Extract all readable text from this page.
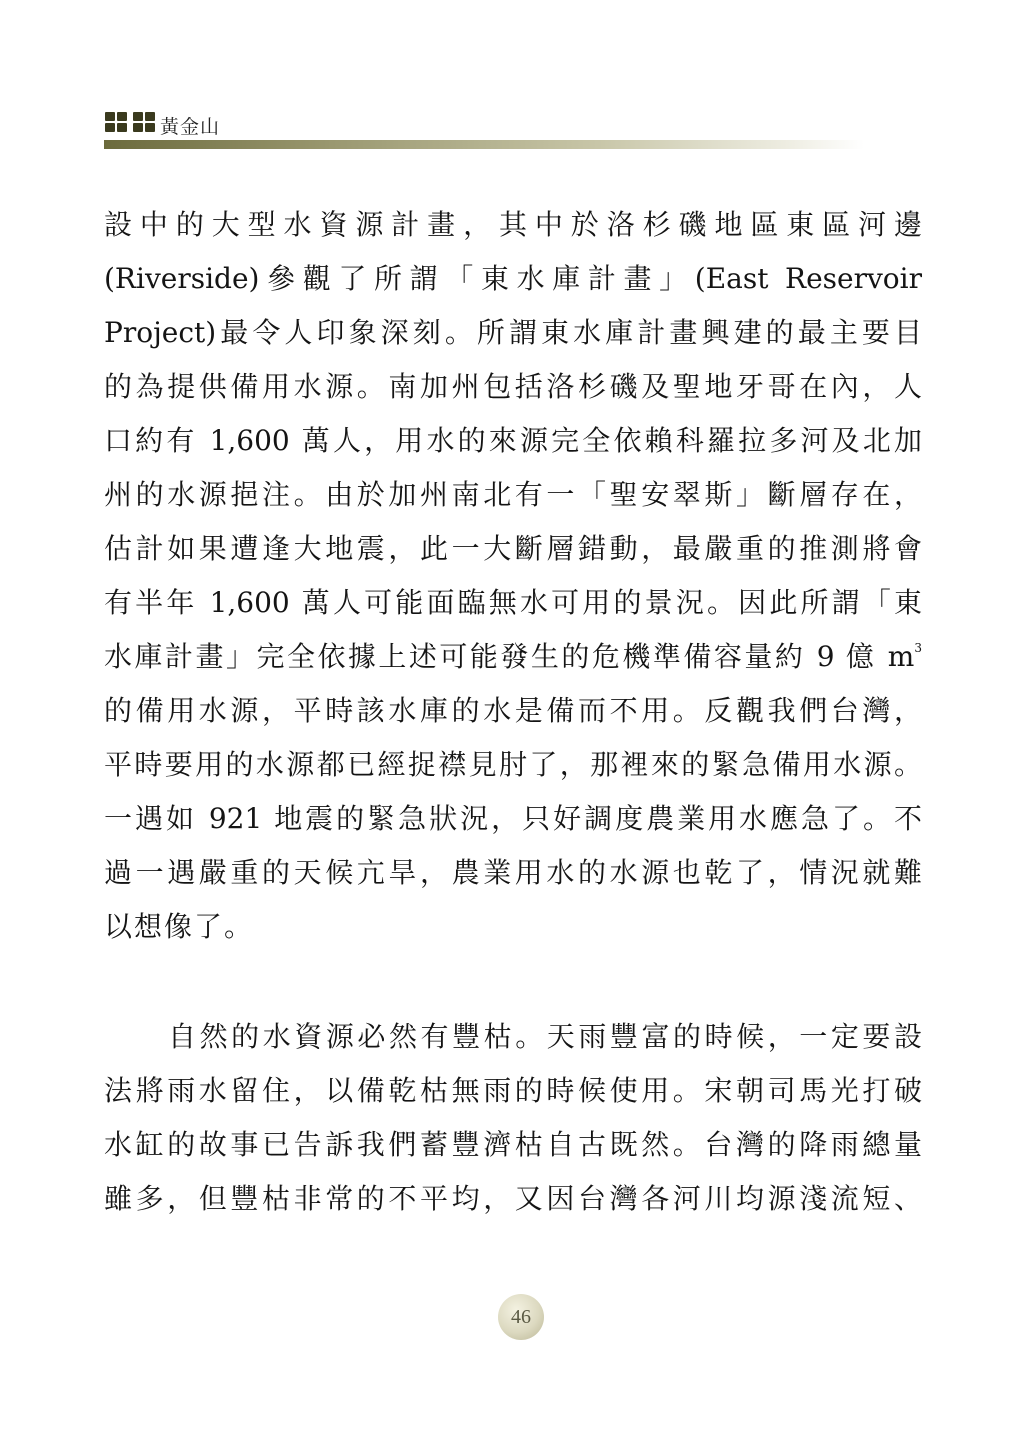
黃金山
設中的大型水資源計畫，其中於洛杉磯地區東區河邊
(Riverside)參觀了所謂「東水庫計畫」(East Reservoir
Project)最令人印象深刻。所謂東水庫計畫興建的最主要目
的為提供備用水源。南加州包括洛杉磯及聖地牙哥在內，人
口約有 1,600 萬人，用水的來源完全依賴科羅拉多河及北加
州的水源挹注。由於加州南北有一「聖安翠斯」斷層存在，
估計如果遭逢大地震，此一大斷層錯動，最嚴重的推測將會
有半年 1,600 萬人可能面臨無水可用的景況。因此所謂「東
水庫計畫」完全依據上述可能發生的危機準備容量約 9 億 $m^3$
的備用水源，平時該水庫的水是備而不用。反觀我們台灣，
平時要用的水源都已經捉襟見肘了，那裡來的緊急備用水源。
一遇如 921 地震的緊急狀況，只好調度農業用水應急了。不
過一遇嚴重的天候亢旱，農業用水的水源也乾了，情況就難
以想像了。
自然的水資源必然有豐枯。天雨豐富的時候，一定要設
法將雨水留住，以備乾枯無雨的時候使用。宋朝司馬光打破
水缸的故事已告訴我們蓄豐濟枯自古既然。台灣的降雨總量
雖多，但豐枯非常的不平均，又因台灣各河川均源淺流短、
46
